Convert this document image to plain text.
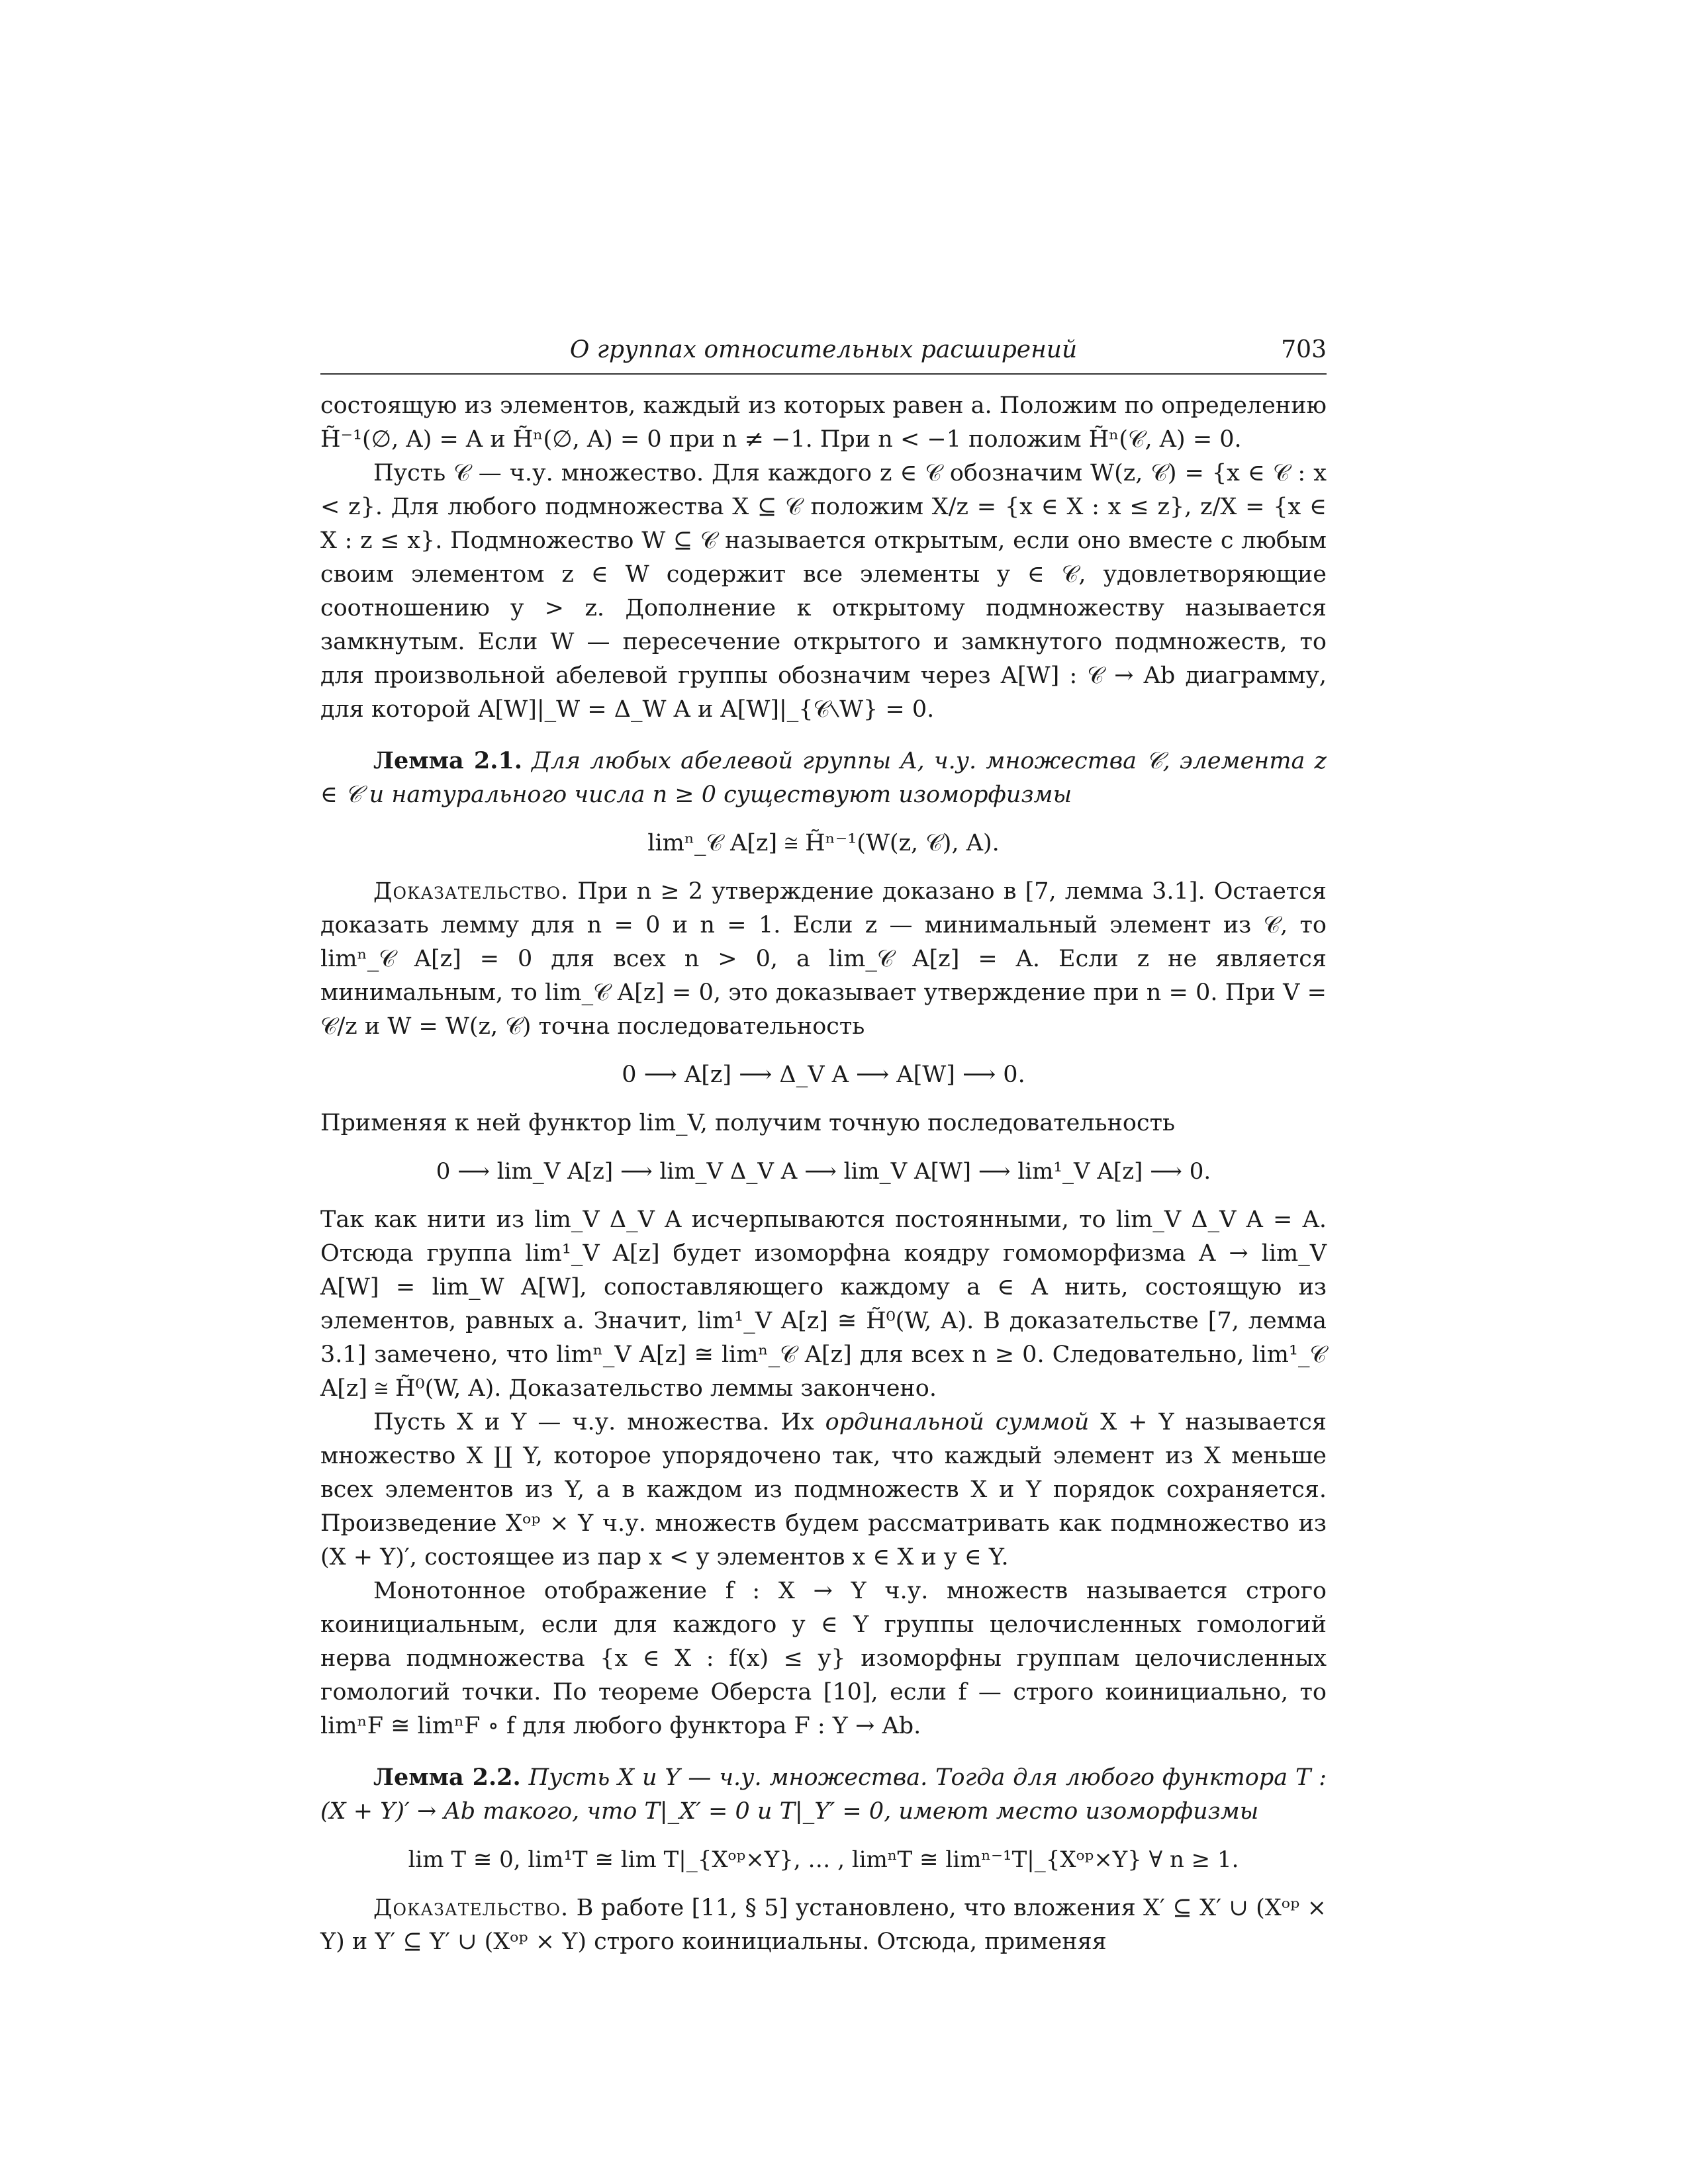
О группах относительных расширений	703

состоящую из элементов, каждый из которых равен a. Положим по определению H̃⁻¹(∅, A) = A и H̃ⁿ(∅, A) = 0 при n ≠ −1. При n < −1 положим H̃ⁿ(𝒞, A) = 0.

Пусть 𝒞 — ч.у. множество. Для каждого z ∈ 𝒞 обозначим W(z, 𝒞) = {x ∈ 𝒞 : x < z}. Для любого подмножества X ⊆ 𝒞 положим X/z = {x ∈ X : x ≤ z}, z/X = {x ∈ X : z ≤ x}. Подмножество W ⊆ 𝒞 называется открытым, если оно вместе с любым своим элементом z ∈ W содержит все элементы y ∈ 𝒞, удовлетворяющие соотношению y > z. Дополнение к открытому подмножеству называется замкнутым. Если W — пересечение открытого и замкнутого подмножеств, то для произвольной абелевой группы обозначим через A[W] : 𝒞 → Ab диаграмму, для которой A[W]|_W = Δ_W A и A[W]|_{𝒞∖W} = 0.

Лемма 2.1. Для любых абелевой группы A, ч.у. множества 𝒞, элемента z ∈ 𝒞 и натурального числа n ≥ 0 существуют изоморфизмы

limⁿ_𝒞 A[z] ≅ H̃ⁿ⁻¹(W(z, 𝒞), A).

Доказательство. При n ≥ 2 утверждение доказано в [7, лемма 3.1]. Остается доказать лемму для n = 0 и n = 1. Если z — минимальный элемент из 𝒞, то limⁿ_𝒞 A[z] = 0 для всех n > 0, а lim_𝒞 A[z] = A. Если z не является минимальным, то lim_𝒞 A[z] = 0, это доказывает утверждение при n = 0. При V = 𝒞/z и W = W(z, 𝒞) точна последовательность

0 ⟶ A[z] ⟶ Δ_V A ⟶ A[W] ⟶ 0.

Применяя к ней функтор lim_V, получим точную последовательность

0 ⟶ lim_V A[z] ⟶ lim_V Δ_V A ⟶ lim_V A[W] ⟶ lim¹_V A[z] ⟶ 0.

Так как нити из lim_V Δ_V A исчерпываются постоянными, то lim_V Δ_V A = A. Отсюда группа lim¹_V A[z] будет изоморфна коядру гомоморфизма A → lim_V A[W] = lim_W A[W], сопоставляющего каждому a ∈ A нить, состоящую из элементов, равных a. Значит, lim¹_V A[z] ≅ H̃⁰(W, A). В доказательстве [7, лемма 3.1] замечено, что limⁿ_V A[z] ≅ limⁿ_𝒞 A[z] для всех n ≥ 0. Следовательно, lim¹_𝒞 A[z] ≅ H̃⁰(W, A). Доказательство леммы закончено.

Пусть X и Y — ч.у. множества. Их ординальной суммой X + Y называется множество X ∐ Y, которое упорядочено так, что каждый элемент из X меньше всех элементов из Y, а в каждом из подмножеств X и Y порядок сохраняется. Произведение Xᵒᵖ × Y ч.у. множеств будем рассматривать как подмножество из (X + Y)′, состоящее из пар x < y элементов x ∈ X и y ∈ Y.

Монотонное отображение f : X → Y ч.у. множеств называется строго коинициальным, если для каждого y ∈ Y группы целочисленных гомологий нерва подмножества {x ∈ X : f(x) ≤ y} изоморфны группам целочисленных гомологий точки. По теореме Оберста [10], если f — строго коинициально, то limⁿF ≅ limⁿF ∘ f для любого функтора F : Y → Ab.

Лемма 2.2. Пусть X и Y — ч.у. множества. Тогда для любого функтора T : (X + Y)′ → Ab такого, что T|_X′ = 0 и T|_Y′ = 0, имеют место изоморфизмы

lim T ≅ 0, lim¹T ≅ lim T|_{Xᵒᵖ×Y}, … , limⁿT ≅ limⁿ⁻¹T|_{Xᵒᵖ×Y} ∀ n ≥ 1.

Доказательство. В работе [11, § 5] установлено, что вложения X′ ⊆ X′ ∪ (Xᵒᵖ × Y) и Y′ ⊆ Y′ ∪ (Xᵒᵖ × Y) строго коинициальны. Отсюда, применяя
